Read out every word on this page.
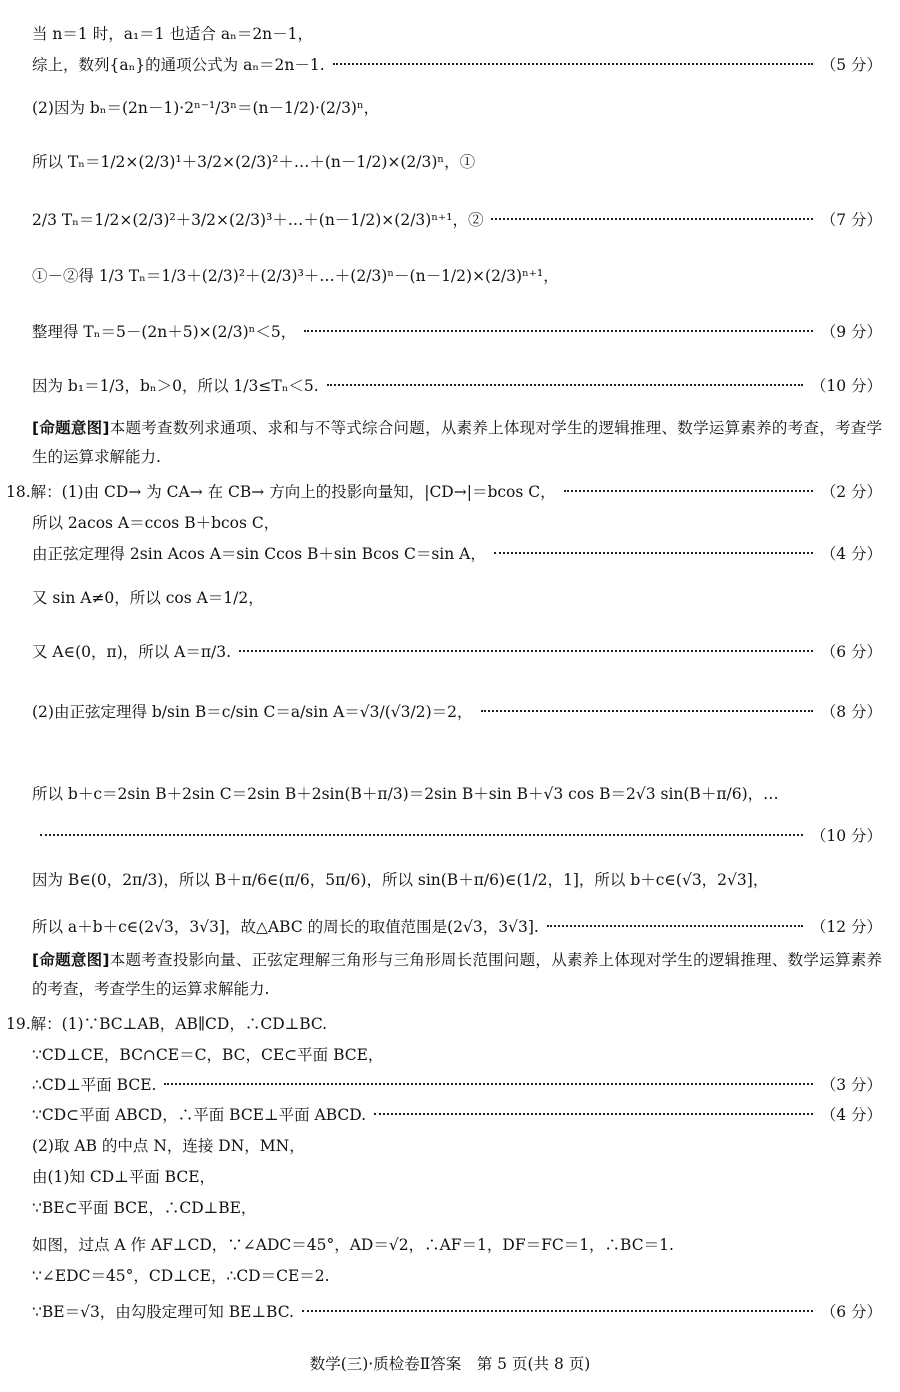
当 n＝1 时，a₁＝1 也适合 aₙ＝2n－1，
综上，数列{aₙ}的通项公式为 aₙ＝2n－1.	（5 分）
(2)因为 bₙ＝(2n－1)·2ⁿ⁻¹/3ⁿ＝(n－1/2)·(2/3)ⁿ，
所以 Tₙ＝1/2×(2/3)¹＋3/2×(2/3)²＋…＋(n－1/2)×(2/3)ⁿ，①
2/3 Tₙ＝1/2×(2/3)²＋3/2×(2/3)³＋…＋(n－1/2)×(2/3)ⁿ⁺¹，②	（7 分）
①－②得 1/3 Tₙ＝1/3＋(2/3)²＋(2/3)³＋…＋(2/3)ⁿ－(n－1/2)×(2/3)ⁿ⁺¹，
整理得 Tₙ＝5－(2n＋5)×(2/3)ⁿ＜5，	（9 分）
因为 b₁＝1/3，bₙ＞0，所以 1/3≤Tₙ＜5.	（10 分）
[命题意图]本题考查数列求通项、求和与不等式综合问题，从素养上体现对学生的逻辑推理、数学运算素养的考查，考查学生的运算求解能力.
18.解：(1)由 CD→ 为 CA→ 在 CB→ 方向上的投影向量知，|CD→|＝bcos C，	（2 分）
所以 2acos A＝ccos B＋bcos C，
由正弦定理得 2sin Acos A＝sin Ccos B＋sin Bcos C＝sin A，	（4 分）
又 sin A≠0，所以 cos A＝1/2，
又 A∈(0，π)，所以 A＝π/3.	（6 分）
(2)由正弦定理得 b/sin B＝c/sin C＝a/sin A＝√3/(√3/2)＝2，	（8 分）
所以 b＋c＝2sin B＋2sin C＝2sin B＋2sin(B＋π/3)＝2sin B＋sin B＋√3 cos B＝2√3 sin(B＋π/6)，…
（10 分）
因为 B∈(0，2π/3)，所以 B＋π/6∈(π/6，5π/6)，所以 sin(B＋π/6)∈(1/2，1]，所以 b＋c∈(√3，2√3]，
所以 a＋b＋c∈(2√3，3√3]，故△ABC 的周长的取值范围是(2√3，3√3].	（12 分）
[命题意图]本题考查投影向量、正弦定理解三角形与三角形周长范围问题，从素养上体现对学生的逻辑推理、数学运算素养的考查，考查学生的运算求解能力.
19.解：(1)∵BC⊥AB，AB∥CD，∴CD⊥BC.
∵CD⊥CE，BC∩CE＝C，BC，CE⊂平面 BCE，
∴CD⊥平面 BCE.	（3 分）
∵CD⊂平面 ABCD，∴平面 BCE⊥平面 ABCD.	（4 分）
(2)取 AB 的中点 N，连接 DN，MN，
由(1)知 CD⊥平面 BCE，
∵BE⊂平面 BCE，∴CD⊥BE，
如图，过点 A 作 AF⊥CD，∵∠ADC＝45°，AD＝√2，∴AF＝1，DF＝FC＝1，∴BC＝1.
∵∠EDC＝45°，CD⊥CE，∴CD＝CE＝2.
∵BE＝√3，由勾股定理可知 BE⊥BC.	（6 分）
数学(三)·质检卷Ⅱ答案　第 5 页(共 8 页)
